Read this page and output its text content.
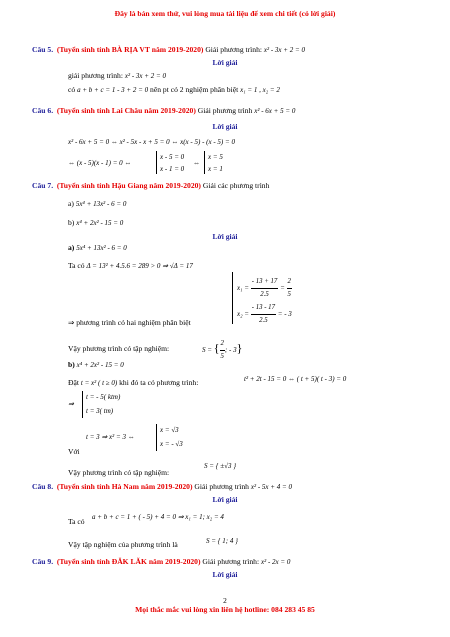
Đây là bản xem thử, vui lòng mua tài liệu để xem chi tiết (có lời giải)
Câu 5. (Tuyển sinh tỉnh BÀ RỊA VT năm 2019-2020) Giải phương trình: x² - 3x + 2 = 0
Lời giải
giải phương trình: x² - 3x + 2 = 0
có a + b + c = 1 - 3 + 2 = 0 nên pt có 2 nghiệm phân biệt x₁ = 1 , x₂ = 2
Câu 6. (Tuyển sinh tỉnh Lai Châu năm 2019-2020) Giải phương trình x² - 6x + 5 = 0
Lời giải
x² - 6x + 5 = 0 ⇔ x² - 5x - x + 5 = 0 ⇔ x(x - 5) - (x - 5) = 0
⇔ (x - 5)(x - 1) = 0 ⇔
x - 5 = 0
x - 1 = 0
⇔
x = 5
x = 1
Câu 7. (Tuyển sinh tỉnh Hậu Giang năm 2019-2020) Giải các phương trình
a) 5x⁴ + 13x² - 6 = 0
b) x⁴ + 2x² - 15 = 0
Lời giải
a) 5x⁴ + 13x² - 6 = 0
Ta có Δ = 13² + 4.5.6 = 289 > 0 ⇒ √Δ = 17
$x_1 = \frac{- 13 + 17}{2.5} = \frac{2}{5}$
$x_2 = \frac{- 13 - 17}{2.5}$ = - 3
⇒ phương trình có hai nghiệm phân biệt
Vậy phương trình có tập nghiệm:	S = { $\frac{2}{5}$ ; - 3}
b) x⁴ + 2x² - 15 = 0
Đặt t = x² ( t ≥ 0) khi đó ta có phương trình:	t² + 2t - 15 = 0 ⇔ ( t + 5)( t - 3) = 0
⇒
t = - 5( ktm)
t = 3( tm)
t = 3 ⇒ x² = 3 ⇔
x = √3
x = - √3
Với
Vậy phương trình có tập nghiệm:
S = { ±√3 }
Câu 8. (Tuyển sinh tỉnh Hà Nam năm 2019-2020) Giải phương trình x² - 5x + 4 = 0
Lời giải
Ta có a + b + c = 1 + ( - 5) + 4 = 0 ⇒ x₁ = 1; x₂ = 4
Vậy tập nghiệm của phương trình là	S = { 1; 4 }
Câu 9. (Tuyển sinh tỉnh ĐĂK LĂK năm 2019-2020) Giải phương trình: x² - 2x = 0
Lời giải
2
Mọi thắc mắc vui lòng xin liên hệ hotline: 084 283 45 85
